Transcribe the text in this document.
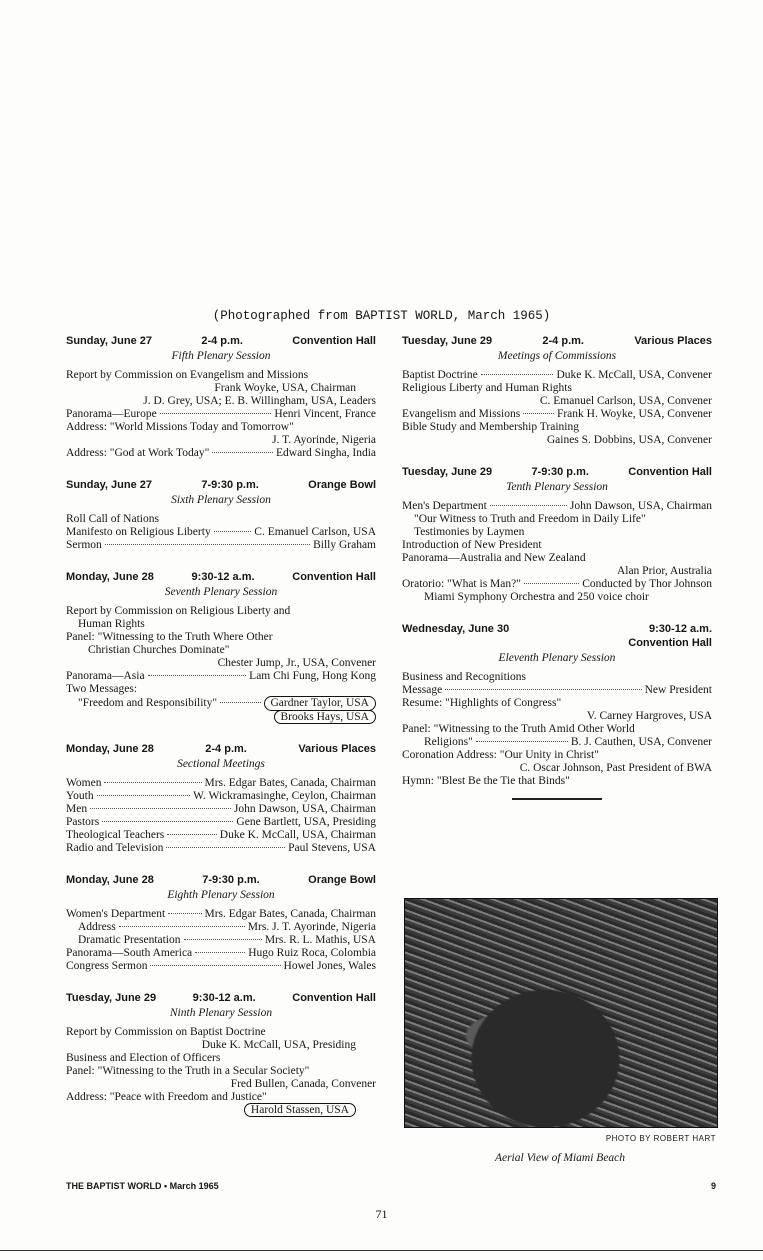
(Photographed from BAPTIST WORLD, March 1965)
Sunday, June 27	2-4 p.m.	Convention Hall
Fifth Plenary Session
Report by Commission on Evangelism and Missions
Frank Woyke, USA, Chairman
J. D. Grey, USA; E. B. Willingham, USA, Leaders
Panorama—Europe	Henri Vincent, France
Address: "World Missions Today and Tomorrow"
J. T. Ayorinde, Nigeria
Address: "God at Work Today"	Edward Singha, India
Sunday, June 27	7-9:30 p.m.	Orange Bowl
Sixth Plenary Session
Roll Call of Nations
Manifesto on Religious Liberty	C. Emanuel Carlson, USA
Sermon	Billy Graham
Monday, June 28	9:30-12 a.m.	Convention Hall
Seventh Plenary Session
Report by Commission on Religious Liberty and
Human Rights
Panel: "Witnessing to the Truth Where Other
Christian Churches Dominate"
Chester Jump, Jr., USA, Convener
Panorama—Asia	Lam Chi Fung, Hong Kong
Two Messages:
"Freedom and Responsibility"	Gardner Taylor, USA
Brooks Hays, USA
Monday, June 28	2-4 p.m.	Various Places
Sectional Meetings
Women	Mrs. Edgar Bates, Canada, Chairman
Youth	W. Wickramasinghe, Ceylon, Chairman
Men	John Dawson, USA, Chairman
Pastors	Gene Bartlett, USA, Presiding
Theological Teachers	Duke K. McCall, USA, Chairman
Radio and Television	Paul Stevens, USA
Monday, June 28	7-9:30 p.m.	Orange Bowl
Eighth Plenary Session
Women's Department	Mrs. Edgar Bates, Canada, Chairman
Address	Mrs. J. T. Ayorinde, Nigeria
Dramatic Presentation	Mrs. R. L. Mathis, USA
Panorama—South America	Hugo Ruiz Roca, Colombia
Congress Sermon	Howel Jones, Wales
Tuesday, June 29	9:30-12 a.m.	Convention Hall
Ninth Plenary Session
Report by Commission on Baptist Doctrine
Duke K. McCall, USA, Presiding
Business and Election of Officers
Panel: "Witnessing to the Truth in a Secular Society"
Fred Bullen, Canada, Convener
Address: "Peace with Freedom and Justice"
Harold Stassen, USA
Tuesday, June 29	2-4 p.m.	Various Places
Meetings of Commissions
Baptist Doctrine	Duke K. McCall, USA, Convener
Religious Liberty and Human Rights
C. Emanuel Carlson, USA, Convener
Evangelism and Missions	Frank H. Woyke, USA, Convener
Bible Study and Membership Training
Gaines S. Dobbins, USA, Convener
Tuesday, June 29	7-9:30 p.m.	Convention Hall
Tenth Plenary Session
Men's Department	John Dawson, USA, Chairman
"Our Witness to Truth and Freedom in Daily Life"
Testimonies by Laymen
Introduction of New President
Panorama—Australia and New Zealand
Alan Prior, Australia
Oratorio: "What is Man?"	Conducted by Thor Johnson
Miami Symphony Orchestra and 250 voice choir
Wednesday, June 30	9:30-12 a.m.
Convention Hall
Eleventh Plenary Session
Business and Recognitions
Message	New President
Resume: "Highlights of Congress"
V. Carney Hargroves, USA
Panel: "Witnessing to the Truth Amid Other World
Religions"	B. J. Cauthen, USA, Convener
Coronation Address: "Our Unity in Christ"
C. Oscar Johnson, Past President of BWA
Hymn: "Blest Be the Tie that Binds"
PHOTO BY ROBERT HART
Aerial View of Miami Beach
THE BAPTIST WORLD • March 1965	9
71
